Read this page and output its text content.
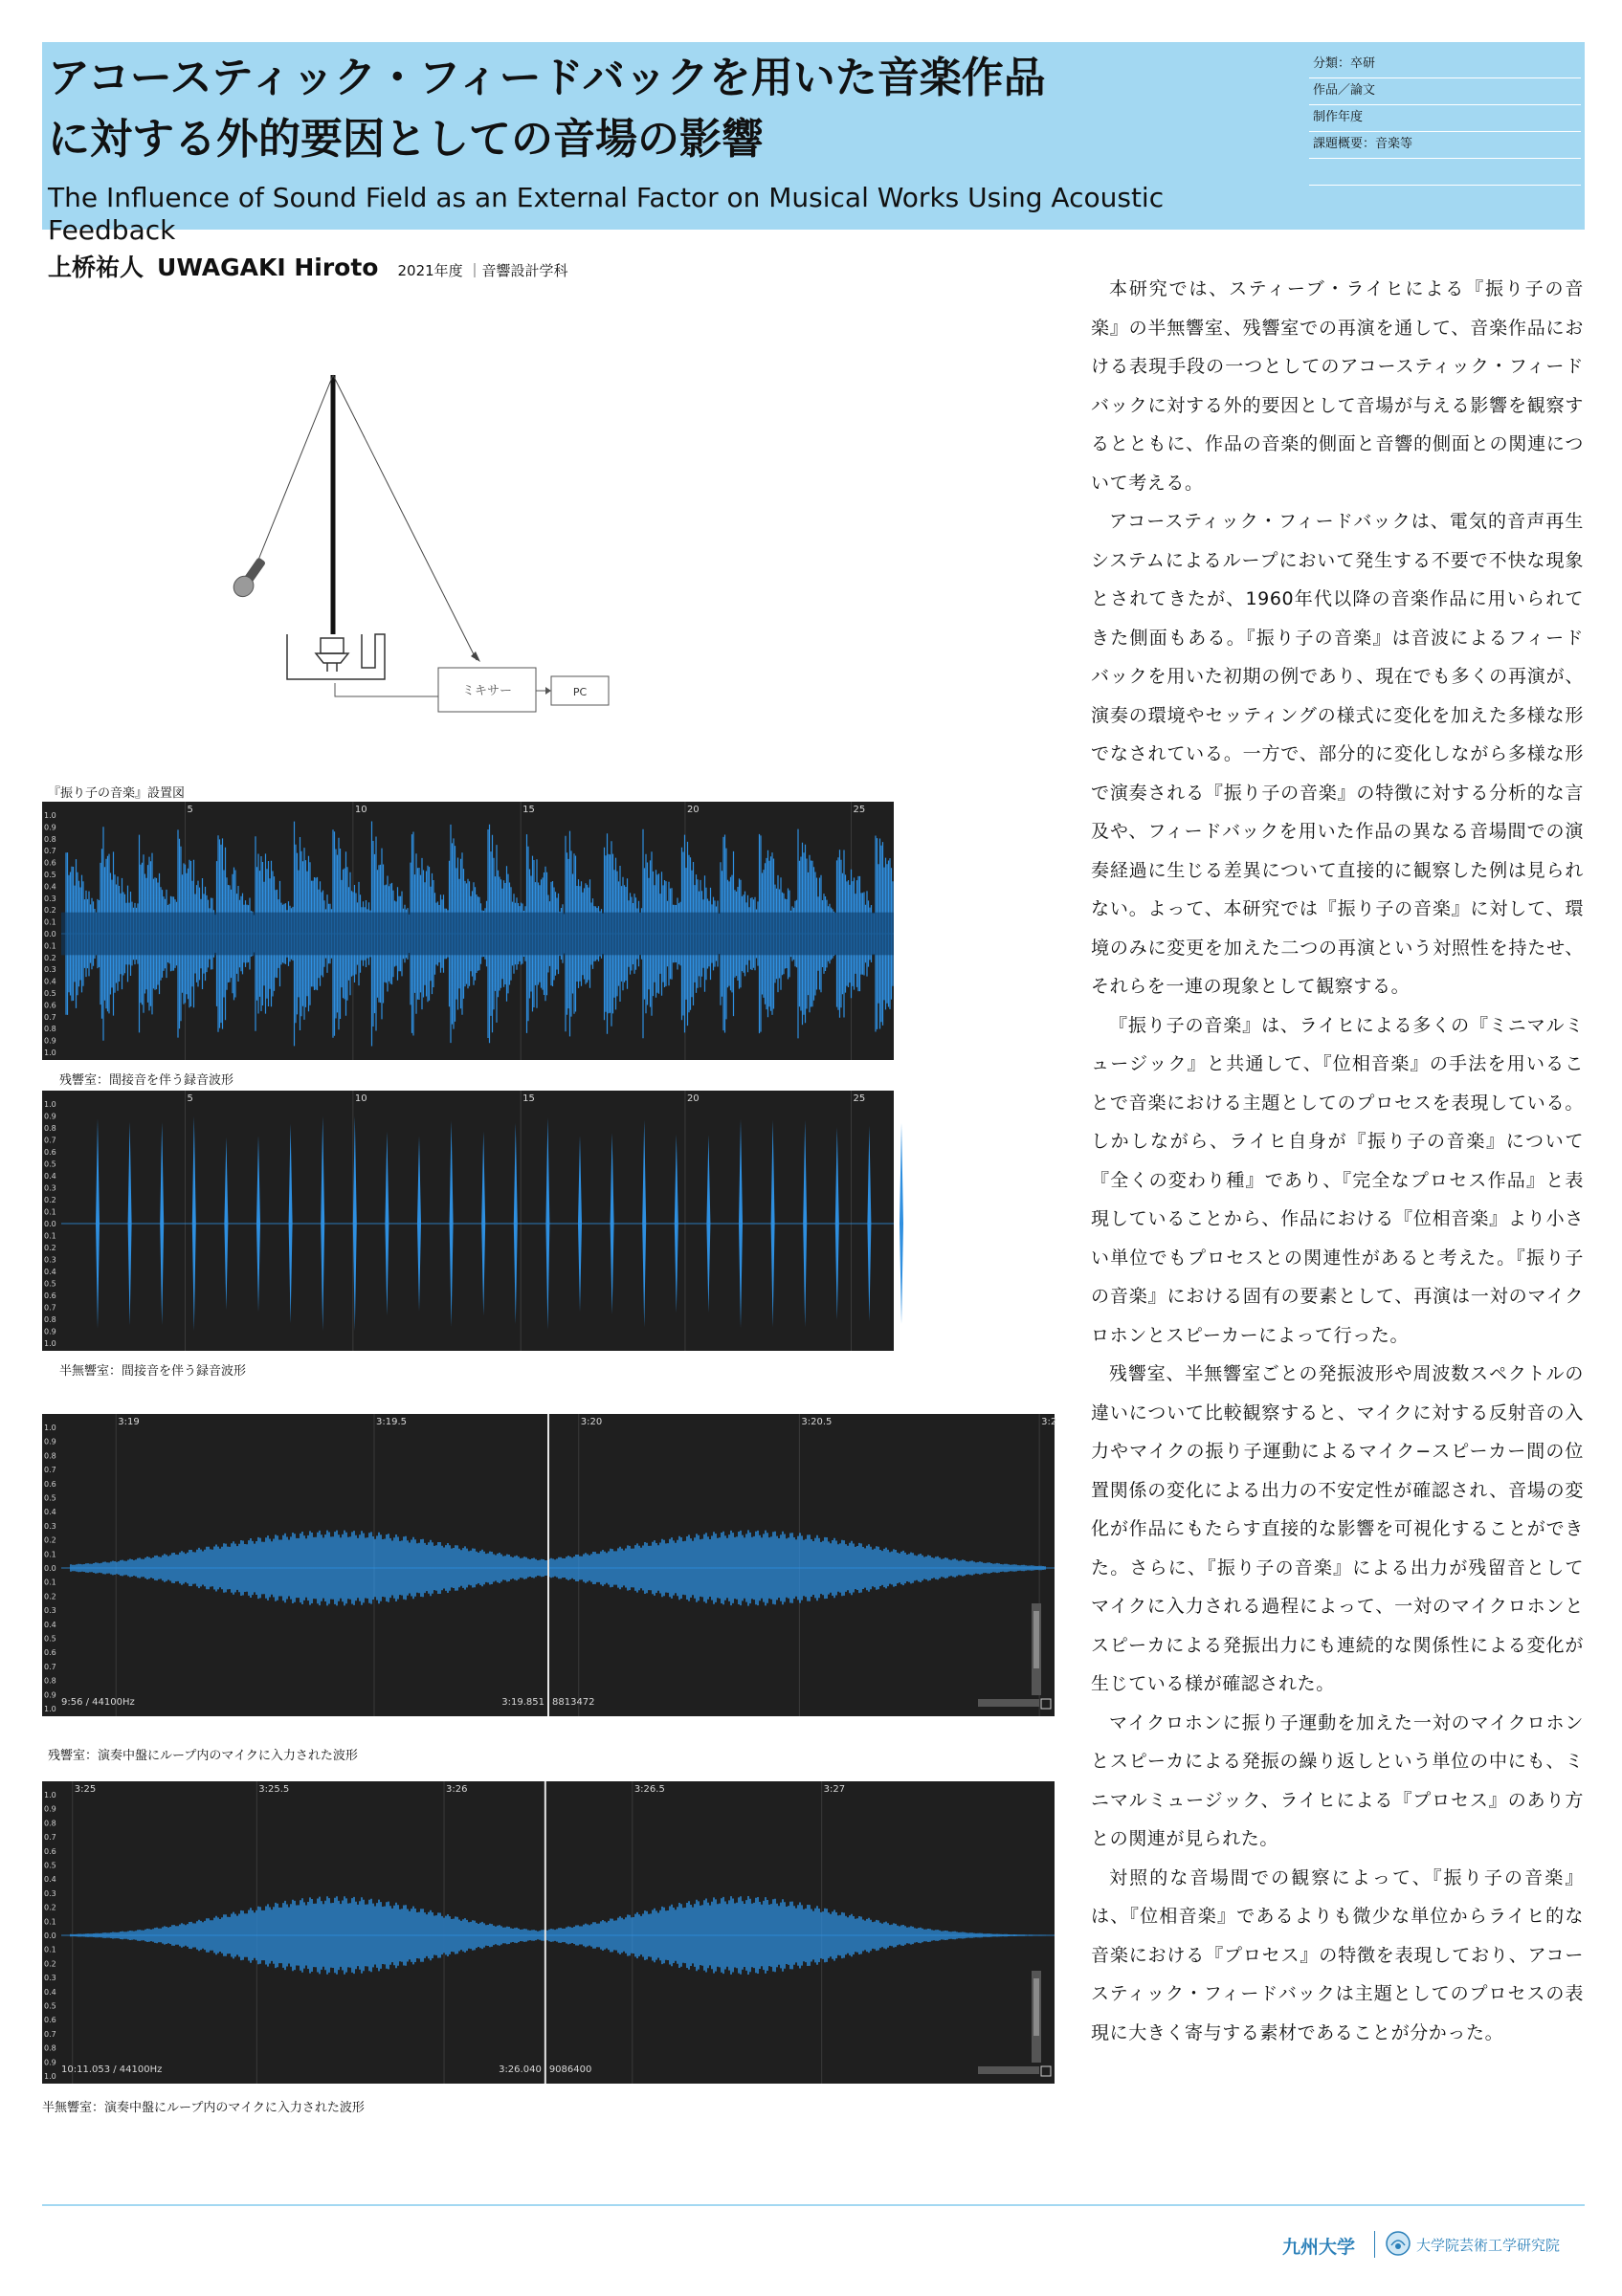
アコースティック・フィードバックを用いた音楽作品
に対する外的要因としての音場の影響
The Influence of Sound Field as an External Factor on Musical Works Using Acoustic Feedback
分類：卒研
作品／論文
制作年度
課題概要：音楽等
上桥祐人 UWAGAKI Hiroto 2021年度 ｜音響設計学科
ミキサー	PC
『振り子の音楽』設置図
1.0
0.9
0.8
0.7
0.6
0.5
0.4
0.3
0.2
0.1
0.0
0.1
0.2
0.3
0.4
0.5
0.6
0.7
0.8
0.9
1.0
5	10	15	20	25
残響室：間接音を伴う録音波形
1.0
0.9
0.8
0.7
0.6
0.5
0.4
0.3
0.2
0.1
0.0
0.1
0.2
0.3
0.4
0.5
0.6
0.7
0.8
0.9
1.0
5	10	15	20	25
半無響室：間接音を伴う録音波形
1.0
0.9
0.8
0.7
0.6
0.5
0.4
0.3
0.2
0.1
0.0
0.1
0.2
0.3
0.4
0.5
0.6
0.7
0.8
0.9
1.0
3:19	3:19.5	3:20	3:20.5	3:2
9:56 / 44100Hz	3:19.851 8813472
残響室：演奏中盤にループ内のマイクに入力された波形
1.0
0.9
0.8
0.7
0.6
0.5
0.4
0.3
0.2
0.1
0.0
0.1
0.2
0.3
0.4
0.5
0.6
0.7
0.8
0.9
1.0
3:25	3:25.5	3:26	3:26.5	3:27
10:11.053 / 44100Hz	3:26.040 9086400
半無響室：演奏中盤にループ内のマイクに入力された波形

本研究では、スティーブ・ライヒによる『振り子の音楽』の半無響室、残響室での再演を通して、音楽作品における表現手段の一つとしてのアコースティック・フィードバックに対する外的要因として音場が与える影響を観察するとともに、作品の音楽的側面と音響的側面との関連について考える。

アコースティック・フィードバックは、電気的音声再生システムによるループにおいて発生する不要で不快な現象とされてきたが、1960年代以降の音楽作品に用いられてきた側面もある。『振り子の音楽』は音波によるフィードバックを用いた初期の例であり、現在でも多くの再演が、演奏の環境やセッティングの様式に変化を加えた多様な形でなされている。一方で、部分的に変化しながら多様な形で演奏される『振り子の音楽』の特徴に対する分析的な言及や、フィードバックを用いた作品の異なる音場間での演奏経過に生じる差異について直接的に観察した例は見られない。よって、本研究では『振り子の音楽』に対して、環境のみに変更を加えた二つの再演という対照性を持たせ、それらを一連の現象として観察する。

『振り子の音楽』は、ライヒによる多くの『ミニマルミュージック』と共通して、『位相音楽』の手法を用いることで音楽における主題としてのプロセスを表現している。しかしながら、ライヒ自身が『振り子の音楽』について『全くの変わり種』であり、『完全なプロセス作品』と表現していることから、作品における『位相音楽』より小さい単位でもプロセスとの関連性があると考えた。『振り子の音楽』における固有の要素として、再演は一対のマイクロホンとスピーカーによって行った。

残響室、半無響室ごとの発振波形や周波数スペクトルの違いについて比較観察すると、マイクに対する反射音の入力やマイクの振り子運動によるマイク−スピーカー間の位置関係の変化による出力の不安定性が確認され、音場の変化が作品にもたらす直接的な影響を可視化することができた。さらに、『振り子の音楽』による出力が残留音としてマイクに入力される過程によって、一対のマイクロホンとスピーカによる発振出力にも連続的な関係性による変化が生じている様が確認された。

マイクロホンに振り子運動を加えた一対のマイクロホンとスピーカによる発振の繰り返しという単位の中にも、ミニマルミュージック、ライヒによる『プロセス』のあり方との関連が見られた。

対照的な音場間での観察によって、『振り子の音楽』は、『位相音楽』であるよりも微少な単位からライヒ的な音楽における『プロセス』の特徴を表現しており、アコースティック・フィードバックは主題としてのプロセスの表現に大きく寄与する素材であることが分かった。

九州大学	大学院芸術工学研究院
